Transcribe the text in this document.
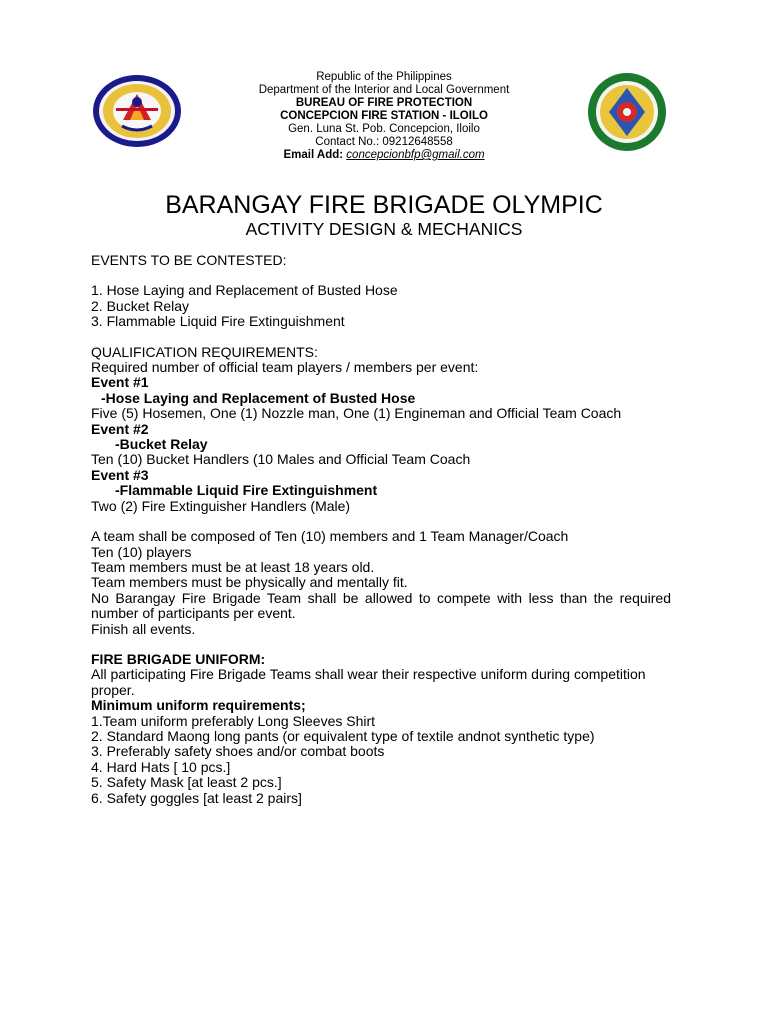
Republic of the Philippines
Department of the Interior and Local Government
BUREAU OF FIRE PROTECTION
CONCEPCION FIRE STATION - ILOILO
Gen. Luna St. Pob. Concepcion, Iloilo
Contact No.: 09212648558
Email Add: concepcionbfp@gmail.com
BARANGAY FIRE BRIGADE OLYMPIC
ACTIVITY DESIGN & MECHANICS

EVENTS TO BE CONTESTED:

1. Hose Laying and Replacement of Busted Hose
2. Bucket Relay
3. Flammable Liquid Fire Extinguishment

QUALIFICATION REQUIREMENTS:

Required number of official team players / members per event:

Event #1

-Hose Laying and Replacement of Busted Hose

Five (5) Hosemen, One (1) Nozzle man, One (1) Engineman and Official Team Coach

Event #2

-Bucket Relay

Ten (10) Bucket Handlers (10 Males and Official Team Coach

Event #3

-Flammable Liquid Fire Extinguishment

Two (2) Fire Extinguisher Handlers (Male)

A team shall be composed of Ten (10) members and 1 Team Manager/Coach

Ten (10) players

Team members must be at least 18 years old.

Team members must be physically and mentally fit.

No Barangay Fire Brigade Team shall be allowed to compete with less than the required number of participants per event.

Finish all events.

FIRE BRIGADE UNIFORM:

All participating Fire Brigade Teams shall wear their respective uniform during competition proper.

Minimum uniform requirements;

1.Team uniform preferably Long Sleeves Shirt

2. Standard Maong long pants (or equivalent type of textile andnot synthetic type)

3. Preferably safety shoes and/or combat boots

4. Hard Hats [ 10 pcs.]

5. Safety Mask [at least 2 pcs.]

6. Safety goggles [at least 2 pairs]
